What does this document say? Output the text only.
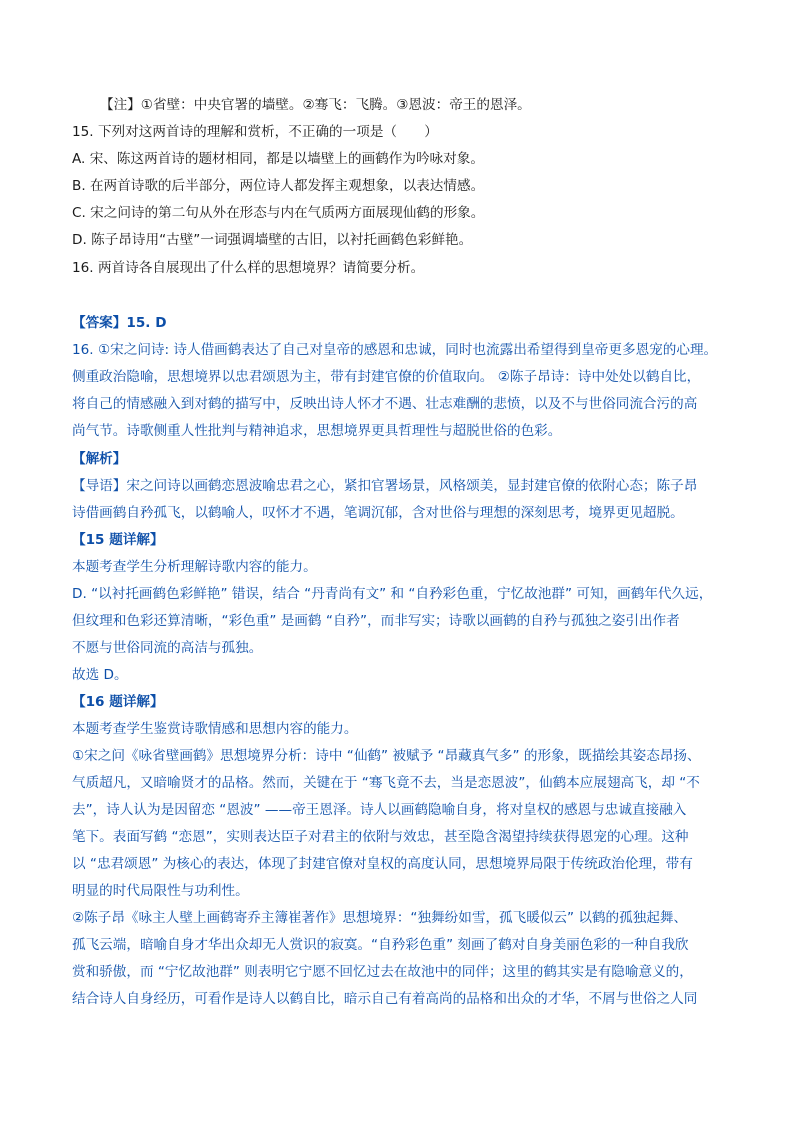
【注】①省壁：中央官署的墙壁。②骞飞：飞腾。③恩波：帝王的恩泽。
15. 下列对这两首诗的理解和赏析，不正确的一项是（　　）
A. 宋、陈这两首诗的题材相同，都是以墙壁上的画鹤作为吟咏对象。
B. 在两首诗歌的后半部分，两位诗人都发挥主观想象，以表达情感。
C. 宋之问诗的第二句从外在形态与内在气质两方面展现仙鹤的形象。
D. 陈子昂诗用“古壁”一词强调墙壁的古旧，以衬托画鹤色彩鲜艳。
16. 两首诗各自展现出了什么样的思想境界？请简要分析。
【答案】15. D
16. ①宋之问诗: 诗人借画鹤表达了自己对皇帝的感恩和忠诚，同时也流露出希望得到皇帝更多恩宠的心理。
侧重政治隐喻，思想境界以忠君颂恩为主，带有封建官僚的价值取向。 ②陈子昂诗：诗中处处以鹤自比，
将自己的情感融入到对鹤的描写中，反映出诗人怀才不遇、壮志难酬的悲愤，以及不与世俗同流合污的高
尚气节。诗歌侧重人性批判与精神追求，思想境界更具哲理性与超脱世俗的色彩。
【解析】
【导语】宋之问诗以画鹤恋恩波喻忠君之心，紧扣官署场景，风格颂美，显封建官僚的依附心态；陈子昂
诗借画鹤自矜孤飞，以鹤喻人，叹怀才不遇，笔调沉郁，含对世俗与理想的深刻思考，境界更见超脱。
【15 题详解】
本题考查学生分析理解诗歌内容的能力。
D. “以衬托画鹤色彩鲜艳” 错误，结合 “丹青尚有文” 和 “自矜彩色重，宁忆故池群” 可知，画鹤年代久远，
但纹理和色彩还算清晰，“彩色重” 是画鹤 “自矜”，而非写实；诗歌以画鹤的自矜与孤独之姿引出作者
不愿与世俗同流的高洁与孤独。
故选 D。
【16 题详解】
本题考查学生鉴赏诗歌情感和思想内容的能力。
①宋之问《咏省壁画鹤》思想境界分析：诗中 “仙鹤” 被赋予 “昂藏真气多” 的形象，既描绘其姿态昂扬、
气质超凡，又暗喻贤才的品格。然而，关键在于 “骞飞竟不去，当是恋恩波”，仙鹤本应展翅高飞，却 “不
去”，诗人认为是因留恋 “恩波” ——帝王恩泽。诗人以画鹤隐喻自身，将对皇权的感恩与忠诚直接融入
笔下。表面写鹤 “恋恩”，实则表达臣子对君主的依附与效忠，甚至隐含渴望持续获得恩宠的心理。这种
以 “忠君颂恩” 为核心的表达，体现了封建官僚对皇权的高度认同，思想境界局限于传统政治伦理，带有
明显的时代局限性与功利性。
②陈子昂《咏主人壁上画鹤寄乔主簿崔著作》思想境界：“独舞纷如雪，孤飞暖似云” 以鹤的孤独起舞、
孤飞云端，暗喻自身才华出众却无人赏识的寂寞。“自矜彩色重” 刻画了鹤对自身美丽色彩的一种自我欣
赏和骄傲，而 “宁忆故池群” 则表明它宁愿不回忆过去在故池中的同伴；这里的鹤其实是有隐喻意义的，
结合诗人自身经历，可看作是诗人以鹤自比，暗示自己有着高尚的品格和出众的才华，不屑与世俗之人同
